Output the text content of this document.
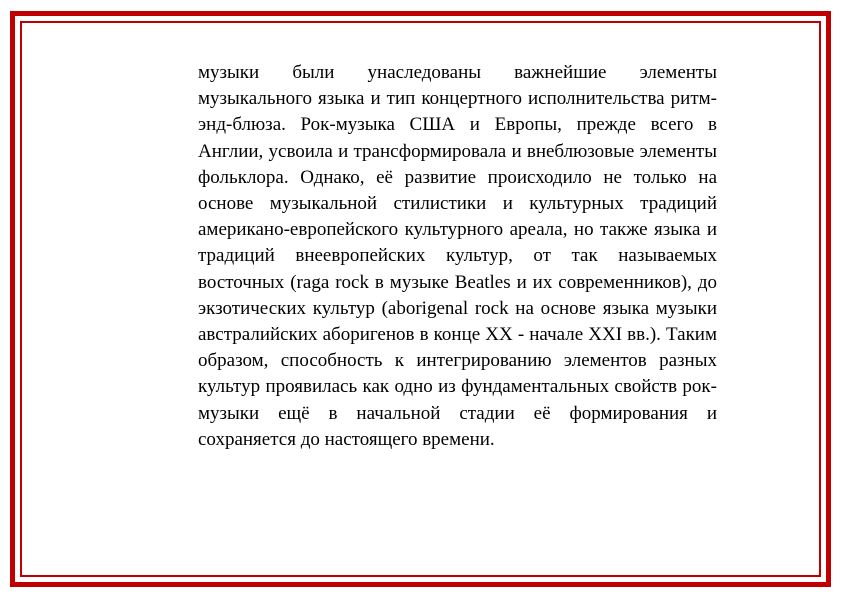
музыки были унаследованы важнейшие элементы музыкального языка и тип концертного исполнительства ритм-энд-блюза. Рок-музыка США и Европы, прежде всего в Англии, усвоила и трансформировала и внеблюзовые элементы фольклора. Однако, её развитие происходило не только на основе музыкальной стилистики и культурных традиций американо-европейского культурного ареала, но также языка и традиций внеевропейских культур, от так называемых восточных (raga rock в музыке Beatles и их современников), до экзотических культур (aborigenal rock на основе языка музыки австралийских аборигенов в конце XX - начале XXI вв.). Таким образом, способность к интегрированию элементов разных культур проявилась как одно из фундаментальных свойств рок-музыки ещё в начальной стадии её формирования и сохраняется до настоящего времени.
